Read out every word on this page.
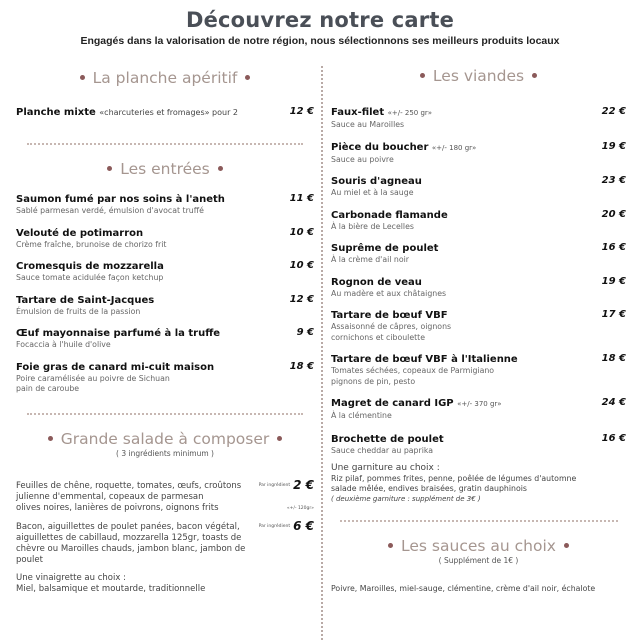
Découvrez notre carte
Engagés dans la valorisation de notre région, nous sélectionnons ses meilleurs produits locaux
La planche apéritif
Planche mixte «charcuteries et fromages» pour 2	12 €
Les entrées
Saumon fumé par nos soins à l'aneth
Sablé parmesan verdé, émulsion d'avocat truffé
11 €
Velouté de potimarron
Crème fraîche, brunoise de chorizo frit
10 €
Cromesquis de mozzarella
Sauce tomate acidulée façon ketchup
10 €
Tartare de Saint-Jacques
Émulsion de fruits de la passion
12 €
Œuf mayonnaise parfumé à la truffe
Focaccia à l'huile d'olive
9 €
Foie gras de canard mi-cuit maison
Poire caramélisée au poivre de Sichuan
pain de caroube
18 €
Grande salade à composer
( 3 ingrédients minimum )
Feuilles de chêne, roquette, tomates, œufs, croûtons
julienne d'emmental, copeaux de parmesan
olives noires, lanières de poivrons, oignons frits
Par ingrédient 2 €
«+/- 120gr»
Bacon, aiguillettes de poulet panées, bacon végétal,
aiguillettes de cabillaud, mozzarella 125gr, toasts de
chèvre ou Maroilles chauds, jambon blanc, jambon de
poulet
Par ingrédient 6 €
Une vinaigrette au choix :
Miel, balsamique et moutarde, traditionnelle
Les viandes
Faux-filet «+/- 250 gr»
Sauce au Maroilles
22 €
Pièce du boucher «+/- 180 gr»
Sauce au poivre
19 €
Souris d'agneau
Au miel et à la sauge
23 €
Carbonade flamande
À la bière de Lecelles
20 €
Suprême de poulet
À la crème d'ail noir
16 €
Rognon de veau
Au madère et aux châtaignes
19 €
Tartare de bœuf VBF
Assaisonné de câpres, oignons
cornichons et ciboulette
17 €
Tartare de bœuf VBF à l'Italienne
Tomates séchées, copeaux de Parmigiano
pignons de pin, pesto
18 €
Magret de canard IGP «+/- 370 gr»
À la clémentine
24 €
Brochette de poulet
Sauce cheddar au paprika
16 €
Une garniture au choix :
Riz pilaf, pommes frites, penne, poêlée de légumes d'automne
salade mêlée, endives braisées, gratin dauphinois
( deuxième garniture : supplément de 3€ )
Les sauces au choix
( Supplément de 1€ )
Poivre, Maroilles, miel-sauge, clémentine, crème d'ail noir, échalote
